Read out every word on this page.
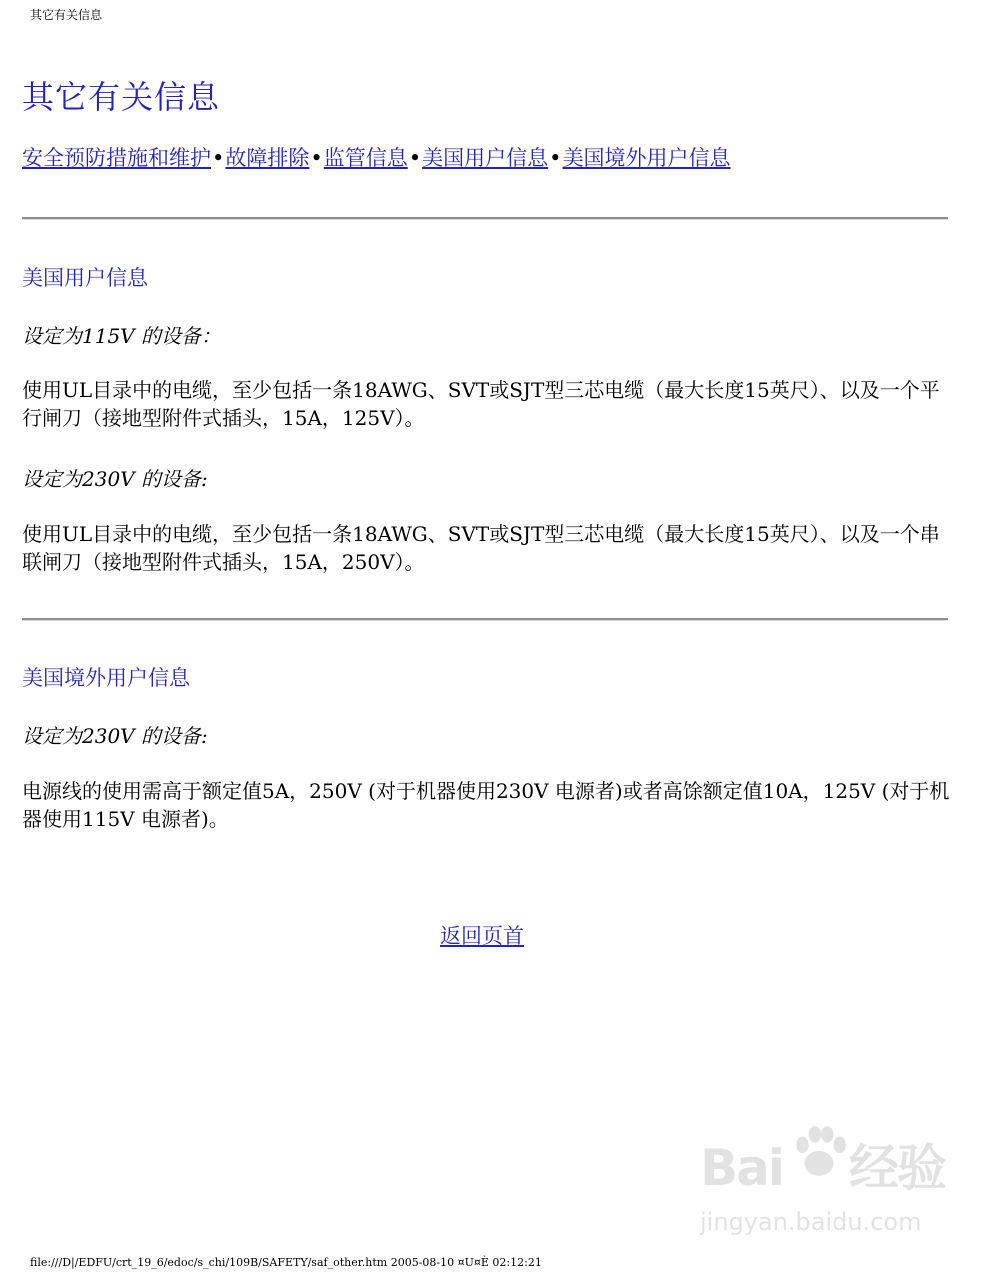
其它有关信息
其它有关信息
安全预防措施和维护•故障排除•监管信息•美国用户信息•美国境外用户信息
美国用户信息

设定为115V 的设备：

使用UL目录中的电缆，至少包括一条18AWG、SVT或SJT型三芯电缆（最大长度15英尺）、以及一个平行闸刀（接地型附件式插头，15A，125V）。

设定为230V 的设备:

使用UL目录中的电缆，至少包括一条18AWG、SVT或SJT型三芯电缆（最大长度15英尺）、以及一个串联闸刀（接地型附件式插头，15A，250V）。

美国境外用户信息

设定为230V 的设备:

电源线的使用需高于额定值5A，250V (对于机器使用230V 电源者)或者高馀额定值10A，125V (对于机器使用115V 电源者)。

返回页首
Bai 经验
jingyan.baidu.com
file:///D|/EDFU/crt_19_6/edoc/s_chi/109B/SAFETY/saf_other.htm 2005-08-10 ¤U¤È 02:12:21
